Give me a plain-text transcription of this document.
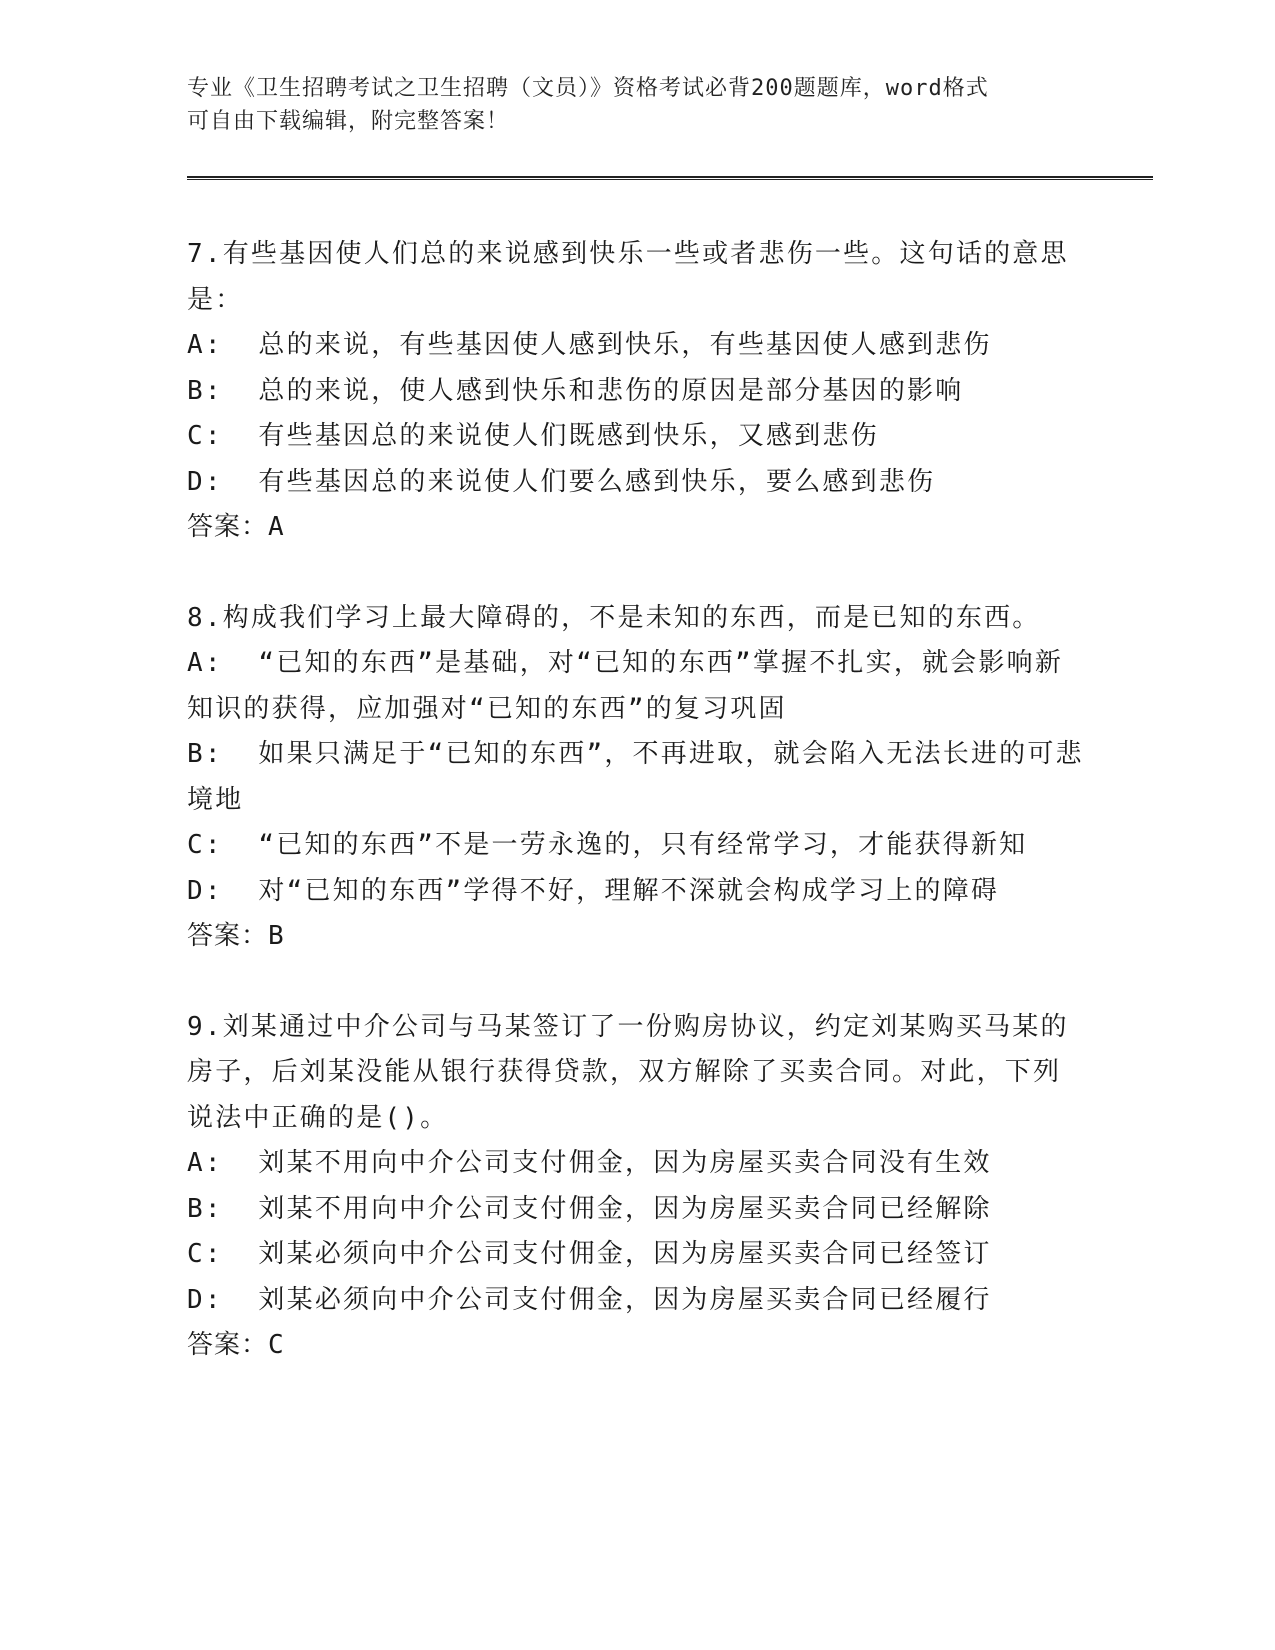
专业《卫生招聘考试之卫生招聘（文员）》资格考试必背200题题库，word格式
可自由下载编辑，附完整答案！

7.有些基因使人们总的来说感到快乐一些或者悲伤一些。这句话的意思是：

A:  总的来说，有些基因使人感到快乐，有些基因使人感到悲伤

B:  总的来说，使人感到快乐和悲伤的原因是部分基因的影响

C:  有些基因总的来说使人们既感到快乐，又感到悲伤

D:  有些基因总的来说使人们要么感到快乐，要么感到悲伤

答案：A

8.构成我们学习上最大障碍的，不是未知的东西，而是已知的东西。

A:  “已知的东西”是基础，对“已知的东西”掌握不扎实，就会影响新知识的获得，应加强对“已知的东西”的复习巩固

B:  如果只满足于“已知的东西”，不再进取，就会陷入无法长进的可悲境地

C:  “已知的东西”不是一劳永逸的，只有经常学习，才能获得新知

D:  对“已知的东西”学得不好，理解不深就会构成学习上的障碍

答案：B

9.刘某通过中介公司与马某签订了一份购房协议，约定刘某购买马某的房子，后刘某没能从银行获得贷款，双方解除了买卖合同。对此，下列说法中正确的是()。

A:  刘某不用向中介公司支付佣金，因为房屋买卖合同没有生效

B:  刘某不用向中介公司支付佣金，因为房屋买卖合同已经解除

C:  刘某必须向中介公司支付佣金，因为房屋买卖合同已经签订

D:  刘某必须向中介公司支付佣金，因为房屋买卖合同已经履行

答案：C
